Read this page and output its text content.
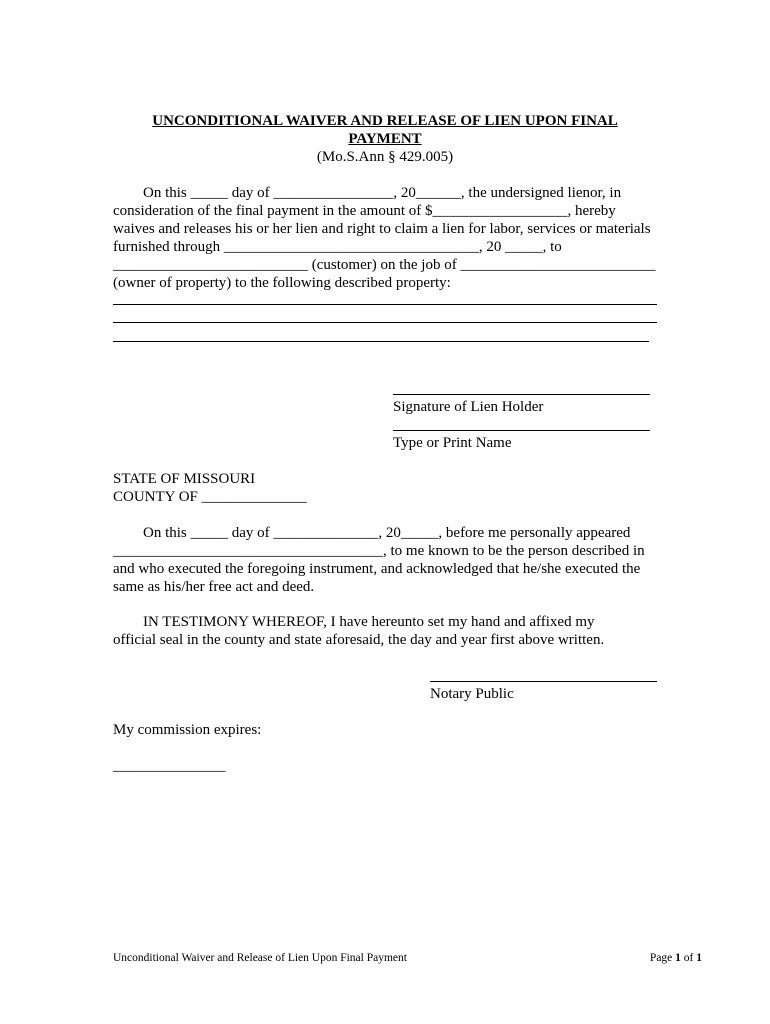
UNCONDITIONAL WAIVER AND RELEASE OF LIEN UPON FINAL
PAYMENT
(Mo.S.Ann § 429.005)
On this _____ day of ________________, 20______, the undersigned lienor, in
consideration of the final payment in the amount of $__________________, hereby
waives and releases his or her lien and right to claim a lien for labor, services or materials
furnished through __________________________________, 20 _____, to
__________________________ (customer) on the job of __________________________
(owner of property) to the following described property:
Signature of Lien Holder
Type or Print Name
STATE OF MISSOURI
COUNTY OF ______________
On this _____ day of ______________, 20_____, before me personally appeared
____________________________________, to me known to be the person described in
and who executed the foregoing instrument, and acknowledged that he/she executed the
same as his/her free act and deed.
IN TESTIMONY WHEREOF, I have hereunto set my hand and affixed my
official seal in the county and state aforesaid, the day and year first above written.
Notary Public
My commission expires:
_______________
Unconditional Waiver and Release of Lien Upon Final Payment	Page 1 of 1
